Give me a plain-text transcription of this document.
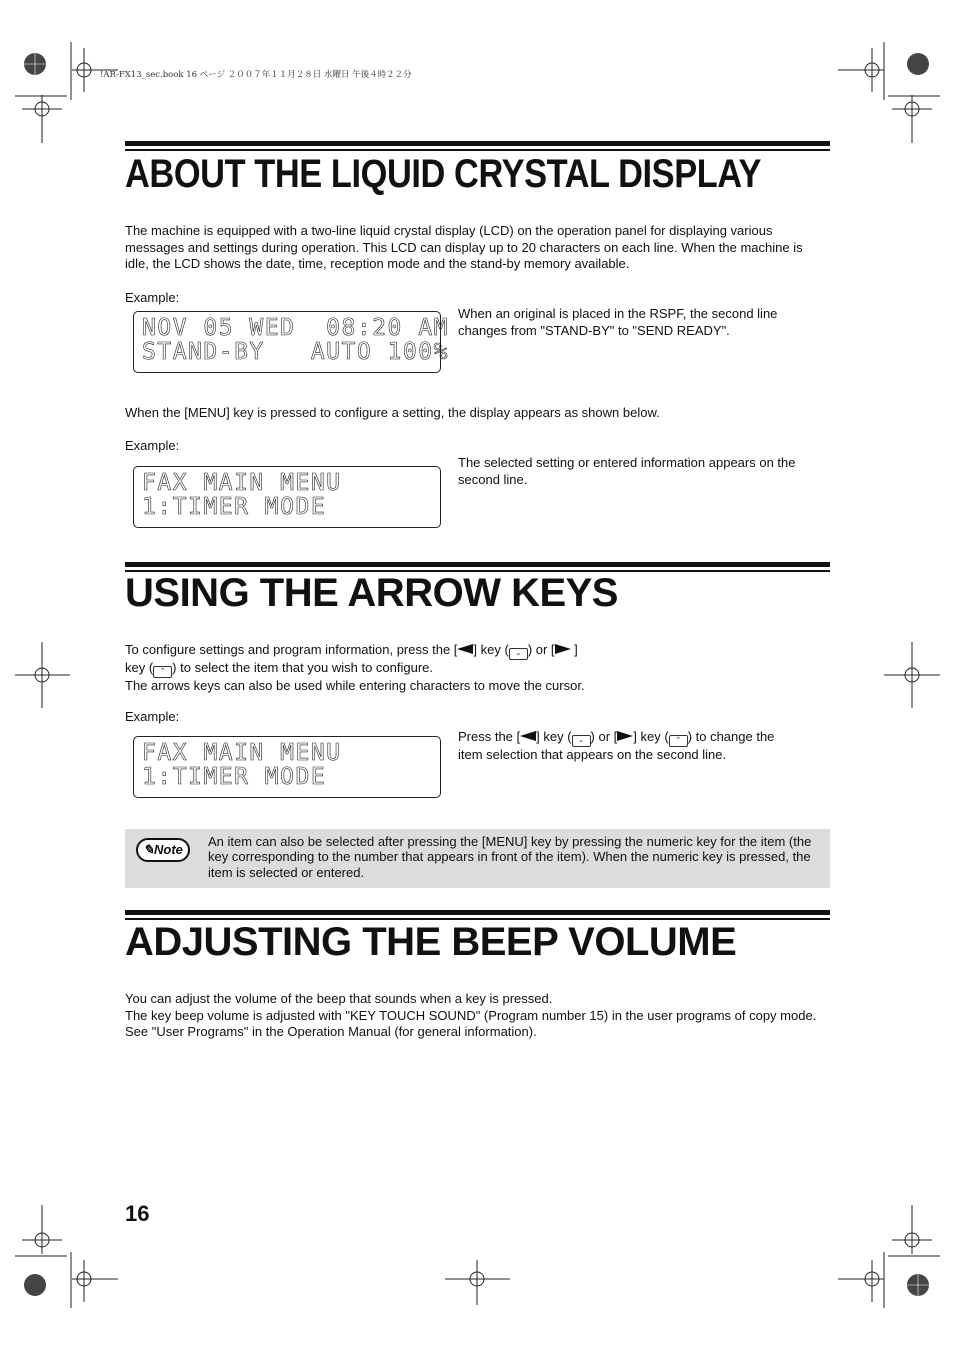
!AR-FX13_sec.book 16 ページ ２００７年１１月２８日 水曜日 午後４時２２分
ABOUT THE LIQUID CRYSTAL DISPLAY
The machine is equipped with a two-line liquid crystal display (LCD) on the operation panel for displaying various messages and settings during operation. This LCD can display up to 20 characters on each line. When the machine is idle, the LCD shows the date, time, reception mode and the stand-by memory available.
Example:
NOV 05 WED  08:20 AM
STAND-BY   AUTO 100%
When an original is placed in the RSPF, the second line changes from "STAND-BY" to "SEND READY".
When the [MENU] key is pressed to configure a setting, the display appears as shown below.
Example:
FAX MAIN MENU
1:TIMER MODE
The selected setting or entered information appears on the second line.
USING THE ARROW KEYS

To configure settings and program information, press the [ ] key ( ⌄ ) or [ ]

key ( ⌃ ) to select the item that you wish to configure.

The arrows keys can also be used while entering characters to move the cursor.

Example:
FAX MAIN MENU
1:TIMER MODE
Press the [ ] key ( ⌄ ) or [ ] key ( ⌃ ) to change the
item selection that appears on the second line.
✎Note
An item can also be selected after pressing the [MENU] key by pressing the numeric key for the item (the key corresponding to the number that appears in front of the item). When the numeric key is pressed, the item is selected or entered.
ADJUSTING THE BEEP VOLUME

You can adjust the volume of the beep that sounds when a key is pressed.

The key beep volume is adjusted with "KEY TOUCH SOUND" (Program number 15) in the user programs of copy mode. See "User Programs" in the Operation Manual (for general information).

16
